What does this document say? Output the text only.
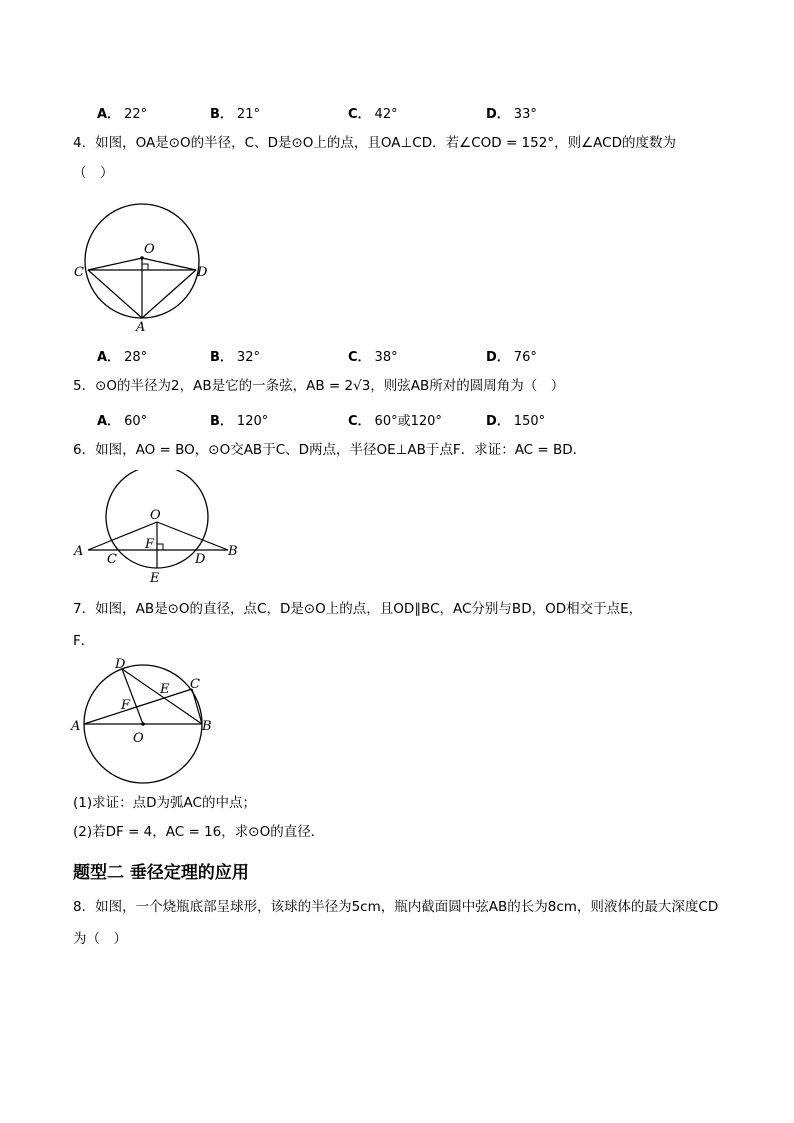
A． 22°	B． 21°	C． 42°	D． 33°
4．如图，OA是⊙O的半径，C、D是⊙O上的点，且OA⊥CD．若∠COD = 152°，则∠ACD的度数为
（　）
O
C	D
A
A． 28°	B． 32°	C． 38°	D． 76°
5．⊙O的半径为2，AB是它的一条弦，AB = 2√3，则弦AB所对的圆周角为（　）
A． 60°	B． 120°	C． 60°或120°	D． 150°
6．如图，AO = BO，⊙O交AB于C、D两点，半径OE⊥AB于点F．求证：AC = BD．
O
A	B
C	D
E
F
7．如图，AB是⊙O的直径，点C，D是⊙O上的点，且OD∥BC，AC分别与BD，OD相交于点E，
F．
D
E C
F
A	B
O
(1)求证：点D为弧AC的中点；
(2)若DF = 4，AC = 16，求⊙O的直径．
题型二 垂径定理的应用
8．如图，一个烧瓶底部呈球形，该球的半径为5cm，瓶内截面圆中弦AB的长为8cm，则液体的最大深度CD
为（　）
